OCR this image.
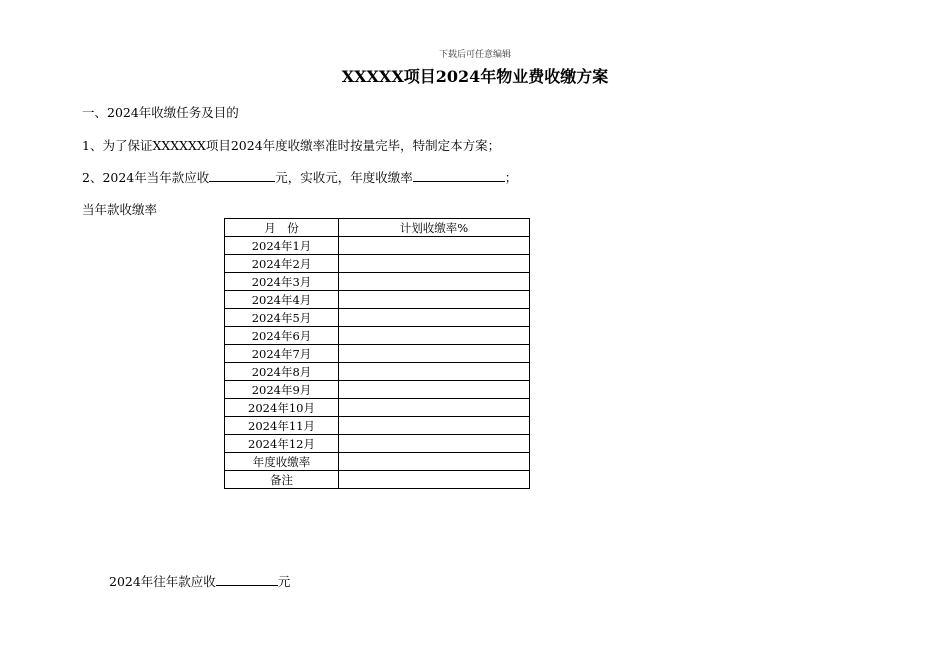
下载后可任意编辑
XXXXX项目2024年物业费收缴方案
一、2024年收缴任务及目的
1、为了保证XXXXXX项目2024年度收缴率准时按量完毕，特制定本方案；
2、2024年当年款应收	元，实收元，年度收缴率	；
当年款收缴率
月　份	计划收缴率%
2024年1月	
2024年2月	
2024年3月	
2024年4月	
2024年5月	
2024年6月	
2024年7月	
2024年8月	
2024年9月	
2024年10月	
2024年11月	
2024年12月	
年度收缴率	
备注	
2024年往年款应收	元
